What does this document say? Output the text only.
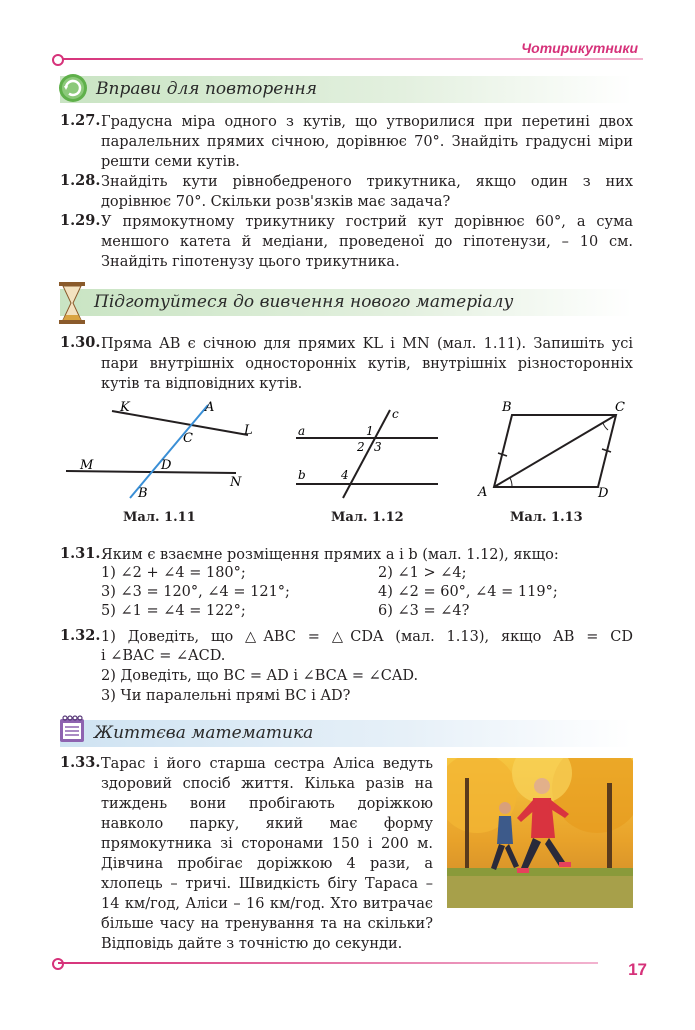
Чотирикутники
Вправи для повторення
1.27. Градусна міра одного з кутів, що утворилися при перетині двох паралельних прямих січною, дорівнює 70°. Знайдіть градусні міри решти семи кутів.
1.28. Знайдіть кути рівнобедреного трикутника, якщо один з них дорівнює 70°. Скільки розв'язків має задача?
1.29. У прямокутному трикутнику гострий кут дорівнює 60°, а сума меншого катета й медіани, проведеної до гіпотенузи, – 10 см. Знайдіть гіпотенузу цього трикутника.
Підготуйтеся до вивчення нового матеріалу
1.30. Пряма AB є січною для прямих KL і MN (мал. 1.11). Запишіть усі пари внутрішніх односторонніх кутів, внутрішніх різносторонніх кутів та відповідних кутів.
K	A
L
C
M	D
N
B
Мал. 1.11
c
a	1
2 3
b	4
Мал. 1.12
B	C
A	D
Мал. 1.13
1.31. Яким є взаємне розміщення прямих a і b (мал. 1.12), якщо:
1) ∠2 + ∠4 = 180°;	2) ∠1 > ∠4;
3) ∠3 = 120°, ∠4 = 121°;	4) ∠2 = 60°, ∠4 = 119°;
5) ∠1 = ∠4 = 122°;	6) ∠3 = ∠4?
1.32. 1) Доведіть, що △ABC = △CDA (мал. 1.13), якщо AB = CD
і ∠BAC = ∠ACD.
2) Доведіть, що BC = AD і ∠BCA = ∠CAD.
3) Чи паралельні прямі BC і AD?
Життєва математика
1.33. Тарас і його старша сестра Аліса ведуть здоровий спосіб життя. Кілька разів на тиждень вони пробігають доріжкою навколо парку, який має форму прямокутника зі сторонами 150 і 200 м. Дівчина пробігає доріжкою 4 рази, а хлопець – тричі. Швидкість бігу Тараса – 14 км/год, Аліси – 16 км/год. Хто витрачає більше часу на тренування та на скільки? Відповідь дайте з точністю до секунди.
17
